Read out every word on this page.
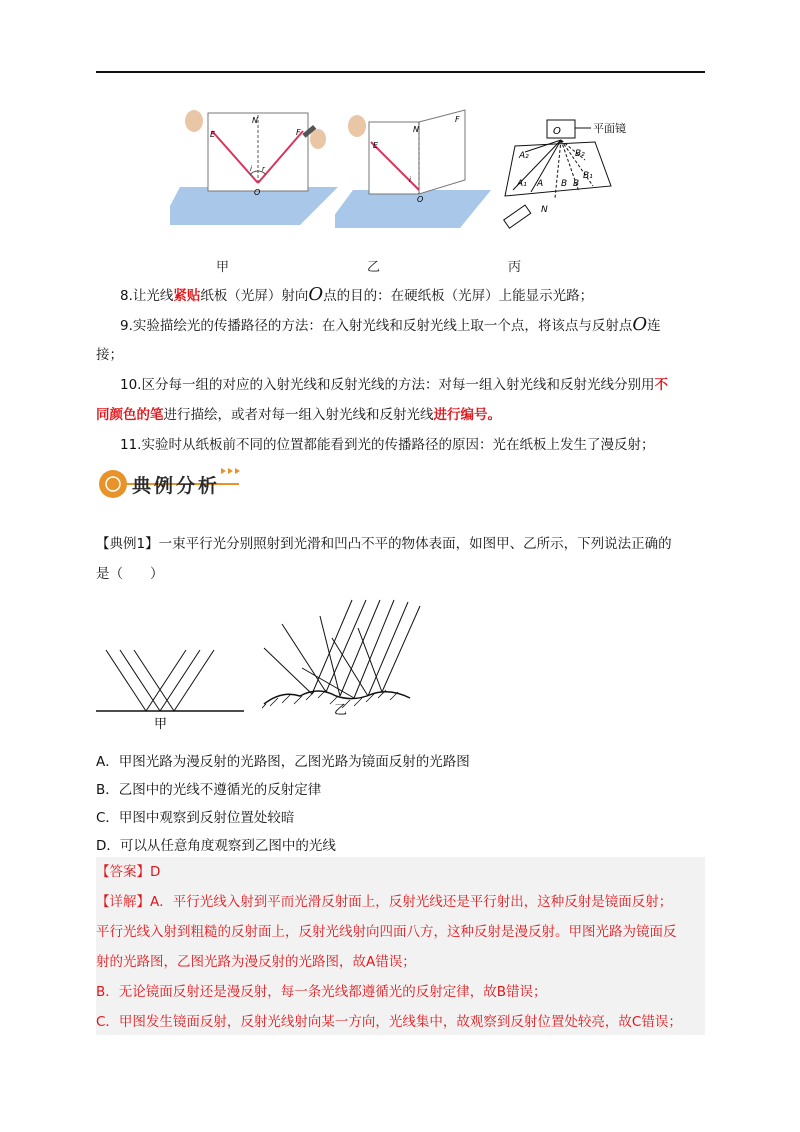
E
N
F
O
i r
E
N
F
O
i
O	平面镜
A₁ A
A₂
B B
B₁
B₂
N
甲	乙	丙
8.让光线紧贴纸板（光屏）射向O点的目的：在硬纸板（光屏）上能显示光路；
9.实验描绘光的传播路径的方法：在入射光线和反射光线上取一个点，将该点与反射点O连
接；
10.区分每一组的对应的入射光线和反射光线的方法：对每一组入射光线和反射光线分别用不
同颜色的笔进行描绘，或者对每一组入射光线和反射光线进行编号。
11.实验时从纸板前不同的位置都能看到光的传播路径的原因：光在纸板上发生了漫反射；
典例分析
【典例1】一束平行光分别照射到光滑和凹凸不平的物体表面，如图甲、乙所示，下列说法正确的
是（　　）
甲
乙
A．甲图光路为漫反射的光路图，乙图光路为镜面反射的光路图
B．乙图中的光线不遵循光的反射定律
C．甲图中观察到反射位置处较暗
D．可以从任意角度观察到乙图中的光线
【答案】D
【详解】A．平行光线入射到平而光滑反射面上，反射光线还是平行射出，这种反射是镜面反射；
平行光线入射到粗糙的反射面上，反射光线射向四面八方，这种反射是漫反射。甲图光路为镜面反
射的光路图，乙图光路为漫反射的光路图，故A错误；
B．无论镜面反射还是漫反射，每一条光线都遵循光的反射定律，故B错误；
C．甲图发生镜面反射，反射光线射向某一方向，光线集中，故观察到反射位置处较亮，故C错误；
